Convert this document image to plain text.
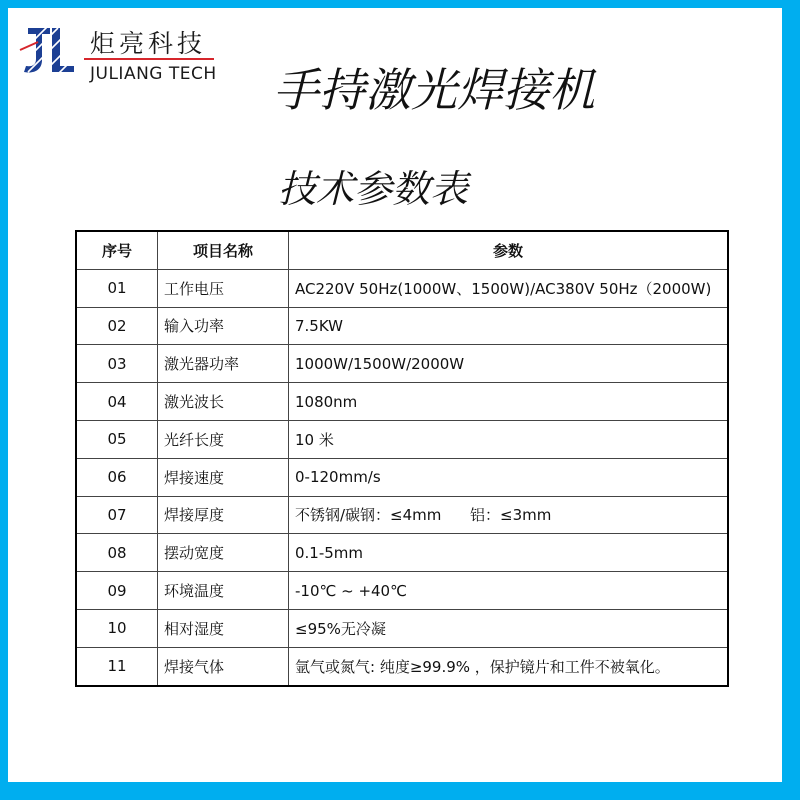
炬亮科技
JULIANG TECH 手持激光焊接机
技术参数表
序号	项目名称	参数
01	工作电压	AC220V 50Hz(1000W、1500W)/AC380V 50Hz（2000W)
02	输入功率	7.5KW
03	激光器功率	1000W/1500W/2000W
04	激光波长	1080nm
05	光纤长度	10 米
06	焊接速度	0-120mm/s
07	焊接厚度	不锈钢/碳钢：≤4mm      铝：≤3mm
08	摆动宽度	0.1-5mm
09	环境温度	-10℃ ~ +40℃
10	相对湿度	≤95%无冷凝
11	焊接气体	氩气或氮气: 纯度≥99.9% ，保护镜片和工件不被氧化。
